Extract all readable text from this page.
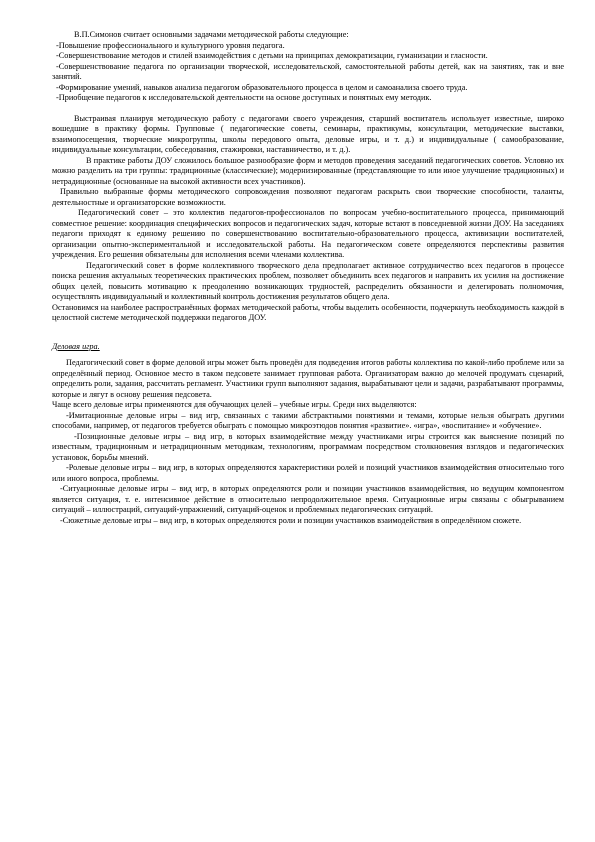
В.П.Симонов считает основными задачами методической работы следующие:

-Повышение профессионального и культурного уровня педагога.

-Совершенствование методов и стилей взаимодействия с детьми на принципах демократизации, гуманизации и гласности.

-Совершенствование педагога по организации творческой, исследовательской, самостоятельной работы детей, как на занятиях, так и вне занятий.

-Формирование умений, навыков анализа педагогом образовательного процесса в целом и самоанализа своего труда.

-Приобщение педагогов к исследовательской деятельности на основе доступных и понятных ему методик.

Выстраивая планируя методическую работу с педагогами своего учреждения, старший воспитатель использует известные, широко вошедшие в практику формы. Групповые ( педагогические советы, семинары, практикумы, консультации, методические выставки, взаимопосещения, творческие микрогруппы, школы передового опыта, деловые игры, и т. д.) и индивидуальные ( самообразование, индивидуальные консультации, собеседования, стажировки, наставничество, и т. д.).

В практике работы ДОУ сложилось большое разнообразие форм и методов проведения заседаний педагогических советов. Условно их можно разделить на три группы: традиционные (классические); модернизированные (представляющие то или иное улучшение традиционных) и нетрадиционные (основанные на высокой активности всех участников).

Правильно выбранные формы методического сопровождения позволяют педагогам раскрыть свои творческие способности, таланты, деятельностные и организаторские возможности.

Педагогический совет – это коллектив педагогов-профессионалов по вопросам учебно-воспитательного процесса, принимающий совместное решение: координация специфических вопросов и педагогических задач, которые встают в повседневной жизни ДОУ. На заседаниях педагоги приходят к единому решению по совершенствованию воспитательно-образовательного процесса, активизации воспитателей, организации опытно-экспериментальной и исследовательской работы. На педагогическом совете определяются перспективы развития учреждения. Его решения обязательны для исполнения всеми членами коллектива.

Педагогический совет в форме коллективного творческого дела предполагает активное сотрудничество всех педагогов в процессе поиска решения актуальных теоретических практических проблем, позволяет объединить всех педагогов и направить их усилия на достижение общих целей, повысить мотивацию к преодолению возникающих трудностей, распределить обязанности и делегировать полномочия, осуществлять индивидуальный и коллективный контроль достижения результатов общего дела.

Остановимся на наиболее распространённых формах методической работы, чтобы выделить особенности, подчеркнуть необходимость каждой в целостной системе методической поддержки педагогов ДОУ.

Деловая игра.

Педагогический совет в форме деловой игры может быть проведён для подведения итогов работы коллектива по какой-либо проблеме или за определённый период. Основное место в таком педсовете занимает групповая работа. Организаторам важно до мелочей продумать сценарий, определить роли, задания, рассчитать регламент. Участники групп выполняют задания, вырабатывают цели и задачи, разрабатывают программы, которые и лягут в основу решения педсовета.

Чаще всего деловые игры применяются для обучающих целей – учебные игры. Среди них выделяются:

-Имитационные деловые игры – вид игр, связанных с такими абстрактными понятиями и темами, которые нельзя обыграть другими способами, например, от педагогов требуется обыграть с помощью микроэтюдов понятия «развитие». «игра», «воспитание» и «обучение».

-Позиционные деловые игры – вид игр, в которых взаимодействие между участниками игры строится как выяснение позиций по известным, традиционным и нетрадиционным методикам, технологиям, программам посредством столкновения взглядов и педагогических установок, борьбы мнений.

-Ролевые деловые игры – вид игр, в которых определяются характеристики ролей и позиций участников взаимодействия относительно того или иного вопроса, проблемы.

-Ситуационные деловые игры – вид игр, в которых определяются роли и позиции участников взаимодействия, но ведущим компонентом является ситуация, т. е. интенсивное действие в относительно непродолжительное время. Ситуационные игры связаны с обыгрыванием ситуаций – иллюстраций, ситуаций-упражнений, ситуаций-оценок и проблемных педагогических ситуаций.

-Сюжетные деловые игры – вид игр, в которых определяются роли и позиции участников взаимодействия в определённом сюжете.
